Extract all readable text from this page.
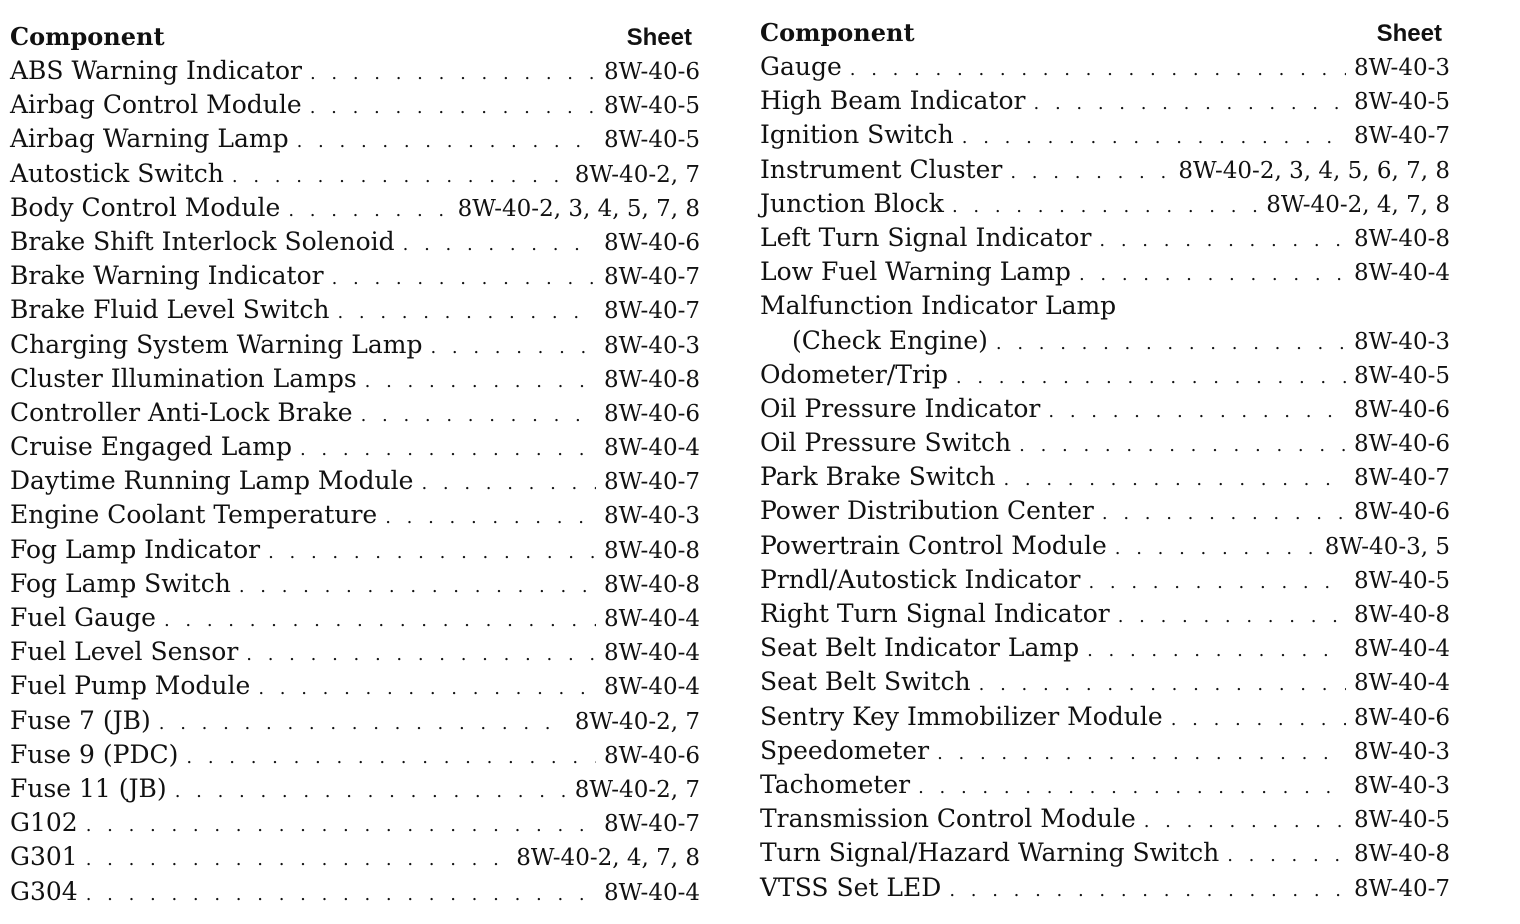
Component	Sheet
ABS Warning Indicator . . .	8W-40-6
Airbag Control Module . . .	8W-40-5
Airbag Warning Lamp . . .	8W-40-5
Autostick Switch . . .	8W-40-2, 7
Body Control Module . . .	8W-40-2, 3, 4, 5, 7, 8
Brake Shift Interlock Solenoid . . .	8W-40-6
Brake Warning Indicator . . .	8W-40-7
Brake Fluid Level Switch . . .	8W-40-7
Charging System Warning Lamp . . .	8W-40-3
Cluster Illumination Lamps . . .	8W-40-8
Controller Anti-Lock Brake . . .	8W-40-6
Cruise Engaged Lamp . . .	8W-40-4
Daytime Running Lamp Module . . .	8W-40-7
Engine Coolant Temperature . . .	8W-40-3
Fog Lamp Indicator . . .	8W-40-8
Fog Lamp Switch . . .	8W-40-8
Fuel Gauge . . .	8W-40-4
Fuel Level Sensor . . .	8W-40-4
Fuel Pump Module . . .	8W-40-4
Fuse 7 (JB) . . .	8W-40-2, 7
Fuse 9 (PDC) . . .	8W-40-6
Fuse 11 (JB) . . .	8W-40-2, 7
G102 . . .	8W-40-7
G301 . . .	8W-40-2, 4, 7, 8
G304 . . .	8W-40-4
Component	Sheet
Gauge . . .	8W-40-3
High Beam Indicator . . .	8W-40-5
Ignition Switch . . .	8W-40-7
Instrument Cluster . . .	8W-40-2, 3, 4, 5, 6, 7, 8
Junction Block . . .	8W-40-2, 4, 7, 8
Left Turn Signal Indicator . . .	8W-40-8
Low Fuel Warning Lamp . . .	8W-40-4
Malfunction Indicator Lamp
(Check Engine) . . .	8W-40-3
Odometer/Trip . . .	8W-40-5
Oil Pressure Indicator . . .	8W-40-6
Oil Pressure Switch . . .	8W-40-6
Park Brake Switch . . .	8W-40-7
Power Distribution Center . . .	8W-40-6
Powertrain Control Module . . .	8W-40-3, 5
Prndl/Autostick Indicator . . .	8W-40-5
Right Turn Signal Indicator . . .	8W-40-8
Seat Belt Indicator Lamp . . .	8W-40-4
Seat Belt Switch . . .	8W-40-4
Sentry Key Immobilizer Module . . .	8W-40-6
Speedometer . . .	8W-40-3
Tachometer . . .	8W-40-3
Transmission Control Module . . .	8W-40-5
Turn Signal/Hazard Warning Switch . . .	8W-40-8
VTSS Set LED . . .	8W-40-7
